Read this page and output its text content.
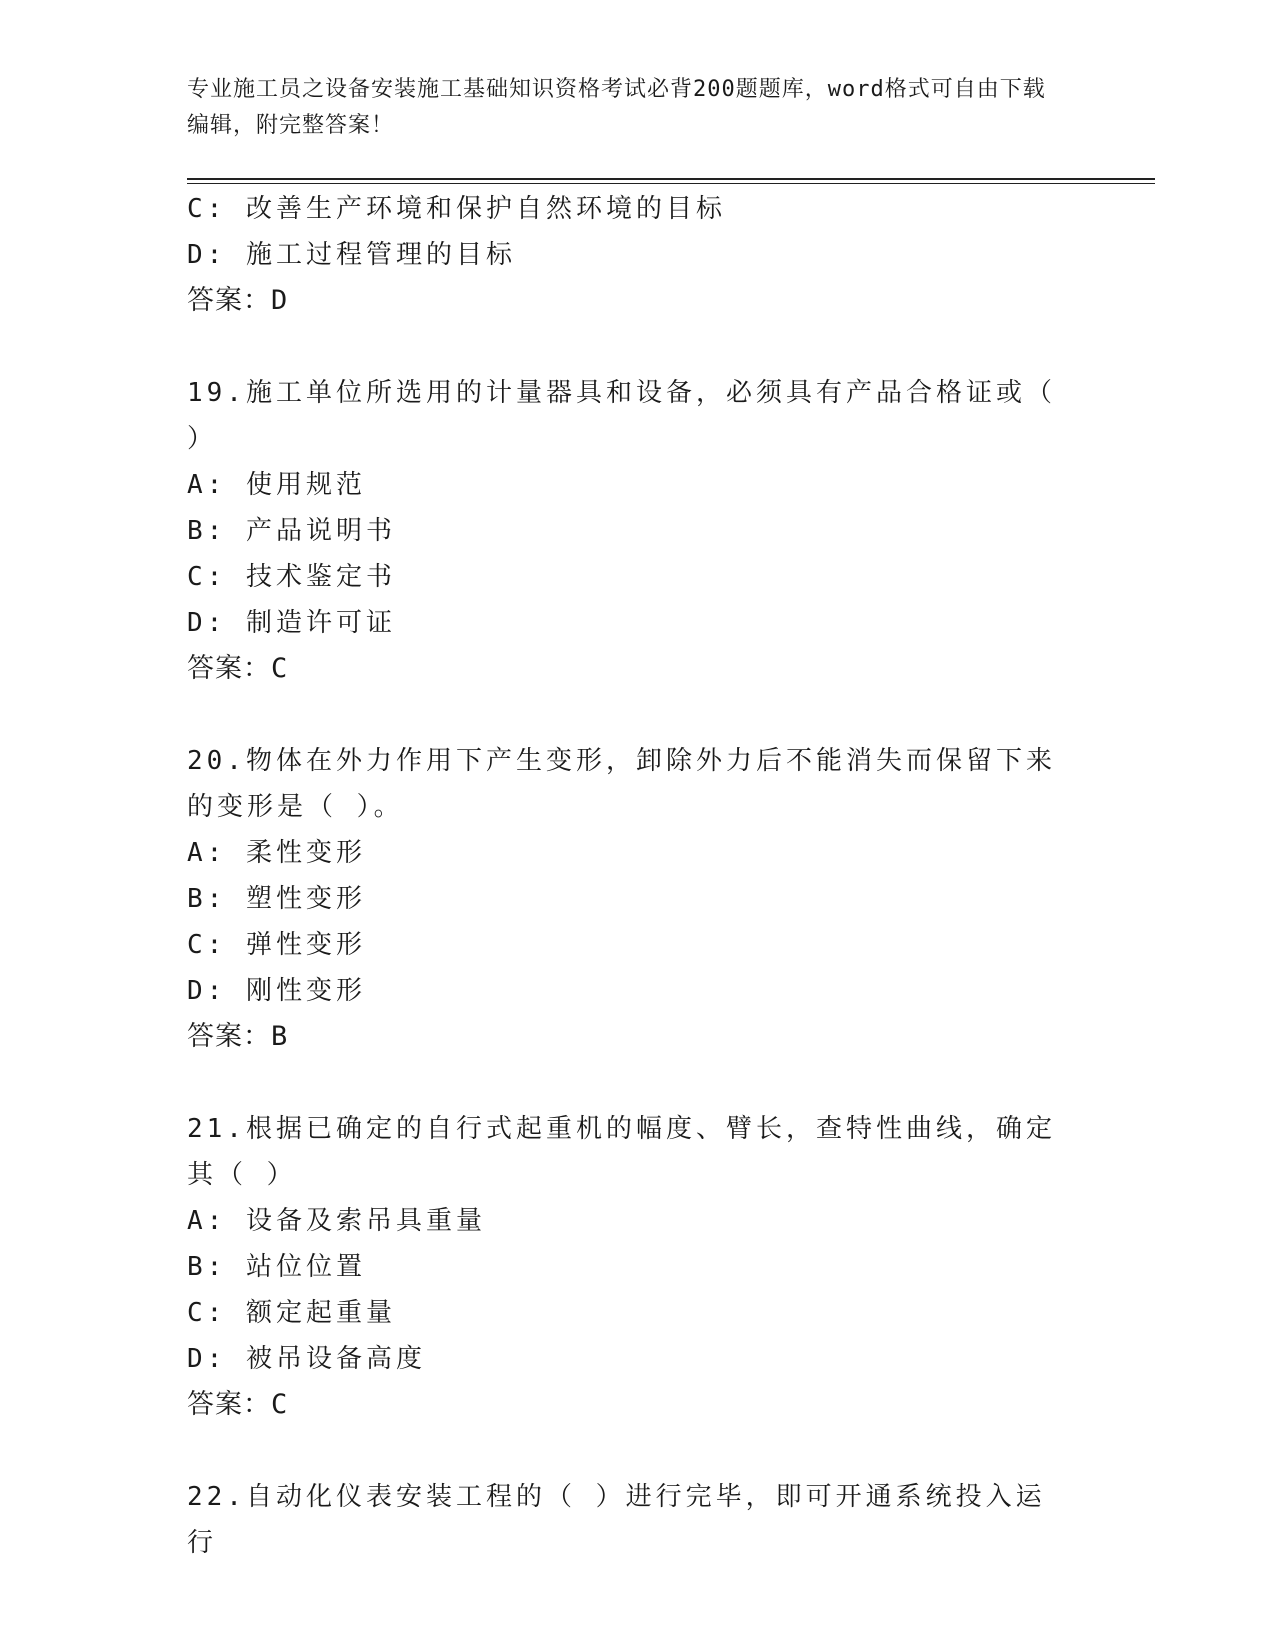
专业施工员之设备安装施工基础知识资格考试必背200题题库，word格式可自由下载编辑，附完整答案！
C: 改善生产环境和保护自然环境的目标
D: 施工过程管理的目标
答案：D
19.施工单位所选用的计量器具和设备，必须具有产品合格证或（ ）
A: 使用规范
B: 产品说明书
C: 技术鉴定书
D: 制造许可证
答案：C
20.物体在外力作用下产生变形，卸除外力后不能消失而保留下来的变形是（ ）。
A: 柔性变形
B: 塑性变形
C: 弹性变形
D: 刚性变形
答案：B
21.根据已确定的自行式起重机的幅度、臂长，查特性曲线，确定其（ ）
A: 设备及索吊具重量
B: 站位位置
C: 额定起重量
D: 被吊设备高度
答案：C
22.自动化仪表安装工程的（ ）进行完毕，即可开通系统投入运行
